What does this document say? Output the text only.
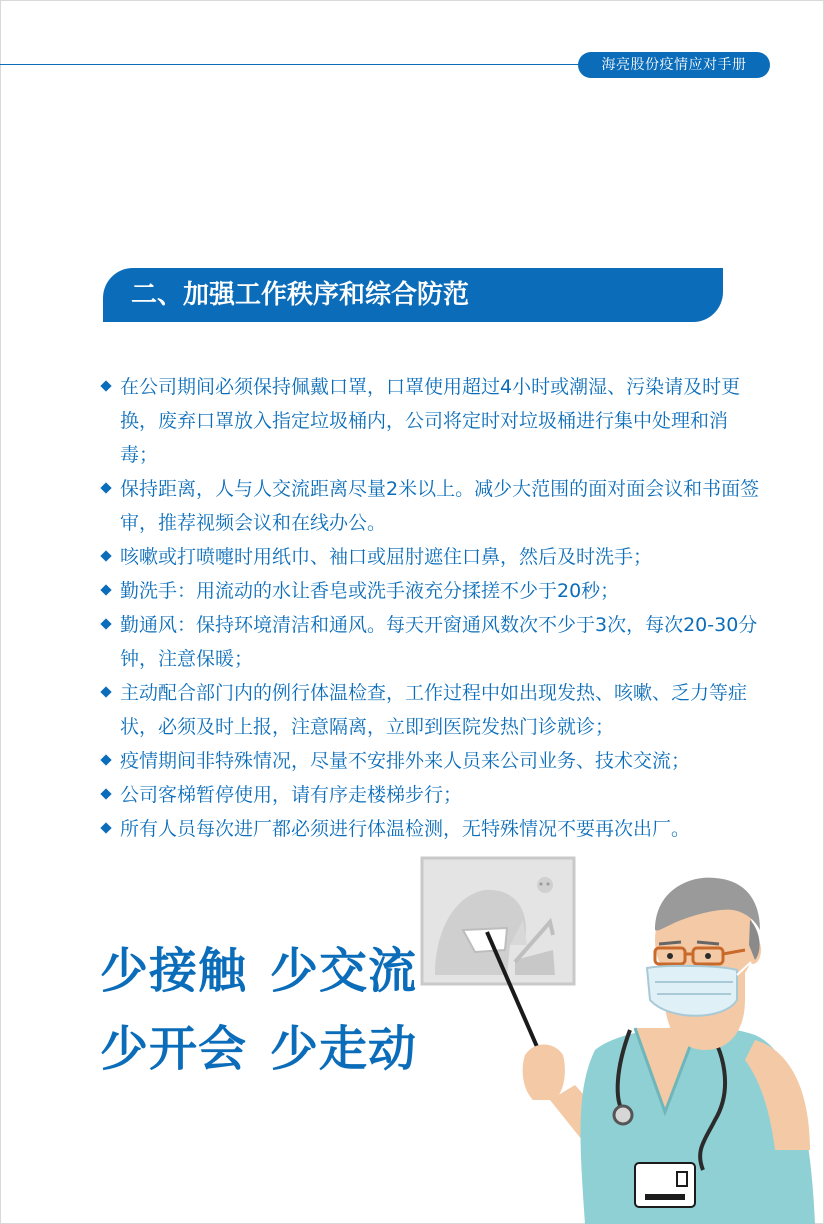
海亮股份疫情应对手册
二、加强工作秩序和综合防范
在公司期间必须保持佩戴口罩，口罩使用超过4小时或潮湿、污染请及时更换，废弃口罩放入指定垃圾桶内，公司将定时对垃圾桶进行集中处理和消毒；
保持距离，人与人交流距离尽量2米以上。减少大范围的面对面会议和书面签审，推荐视频会议和在线办公。
咳嗽或打喷嚏时用纸巾、袖口或屈肘遮住口鼻，然后及时洗手；
勤洗手：用流动的水让香皂或洗手液充分揉搓不少于20秒；
勤通风：保持环境清洁和通风。每天开窗通风数次不少于3次，每次20-30分钟，注意保暖；
主动配合部门内的例行体温检查，工作过程中如出现发热、咳嗽、乏力等症状，必须及时上报，注意隔离，立即到医院发热门诊就诊；
疫情期间非特殊情况，尽量不安排外来人员来公司业务、技术交流；
公司客梯暂停使用，请有序走楼梯步行；
所有人员每次进厂都必须进行体温检测，无特殊情况不要再次出厂。
少接触 少交流
少开会 少走动
